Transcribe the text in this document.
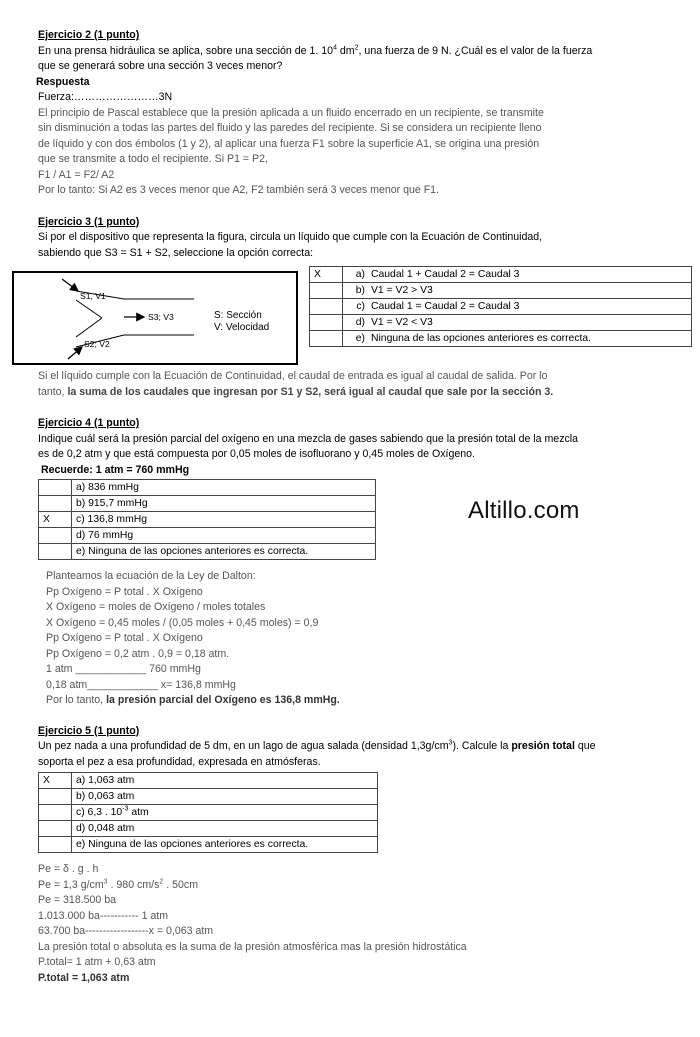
Ejercicio 2 (1 punto)

En una prensa hidráulica se aplica, sobre una sección de 1. $10^4$ $dm^2$, una fuerza de 9 N. ¿Cuál es el valor de la fuerza

que se generará sobre una sección 3 veces menor?

Respuesta

Fuerza:……………………3N

El principio de Pascal establece que la presión aplicada a un fluido encerrado en un recipiente, se transmite

sin disminución a todas las partes del fluido y las paredes del recipiente. Si se considera un recipiente lleno

de líquido y con dos émbolos (1 y 2), al aplicar una fuerza F1 sobre la superficie A1, se origina una presión

que se transmite a todo el recipiente. Si P1 = P2,

F1 / A1 = F2/ A2

Por lo tanto: Si A2 es 3 veces menor que A2, F2 también será 3 veces menor que F1.

Ejercicio 3 (1 punto)

Si por el dispositivo que representa la figura, circula un líquido que cumple con la Ecuación de Continuidad,

sabiendo que S3 = S1 + S2, seleccione la opción correcta:

X	a) Caudal 1 + Caudal 2 = Caudal 3
	b) V1 = V2 > V3
	c) Caudal 1 = Caudal 2 = Caudal 3
	d) V1 = V2 < V3
	e) Ninguna de las opciones anteriores es correcta.

Si el líquido cumple con la Ecuación de Continuidad, el caudal de entrada es igual al caudal de salida. Por lo

tanto, la suma de los caudales que ingresan por S1 y S2, será igual al caudal que sale por la sección 3.

Ejercicio 4 (1 punto)

Indique cuál será la presión parcial del oxígeno en una mezcla de gases sabiendo que la presión total de la mezcla

es de 0,2 atm y que está compuesta por 0,05 moles de isofluorano y 0,45 moles de Oxígeno.

Recuerde: 1 atm = 760 mmHg

	a) 836 mmHg
	b) 915,7 mmHg
X	c) 136,8 mmHg
	d) 76 mmHg
	e) Ninguna de las opciones anteriores es correcta.

Planteamos la ecuación de la Ley de Dalton:

Pp Oxígeno = P total . X Oxígeno

X Oxígeno = moles de Oxígeno / moles totales

X Oxígeno = 0,45 moles / (0,05 moles + 0,45 moles) = 0,9

Pp Oxígeno = P total . X Oxígeno

Pp Oxígeno = 0,2 atm . 0,9 = 0,18 atm.

1 atm ____________ 760 mmHg

0,18 atm____________ x= 136,8 mmHg

Por lo tanto, la presión parcial del Oxígeno es 136,8 mmHg.

Ejercicio 5 (1 punto)

Un pez nada a una profundidad de 5 dm, en un lago de agua salada (densidad $1,3g/cm^3$). Calcule la presión total que

soporta el pez a esa profundidad, expresada en atmósferas.

X	a) 1,063 atm
	b) 0,063 atm
	c) 6,3 . $10^{-3}$ atm
	d) 0,048 atm
	e) Ninguna de las opciones anteriores es correcta.

Pe = δ . g . h

Pe = 1,3 $g/cm^3$ . 980 $cm/s^2$ . 50cm

Pe = 318.500 ba

1.013.000 ba----------- 1 atm

63.700 ba------------------x = 0,063 atm

La presión total o absoluta es la suma de la presión atmosférica mas la presión hidrostática

P.total= 1 atm + 0,63 atm

P.total = 1,063 atm

S1, V1
S2; V2
S3; V3	S: Sección
V: Velocidad
Altillo.com
